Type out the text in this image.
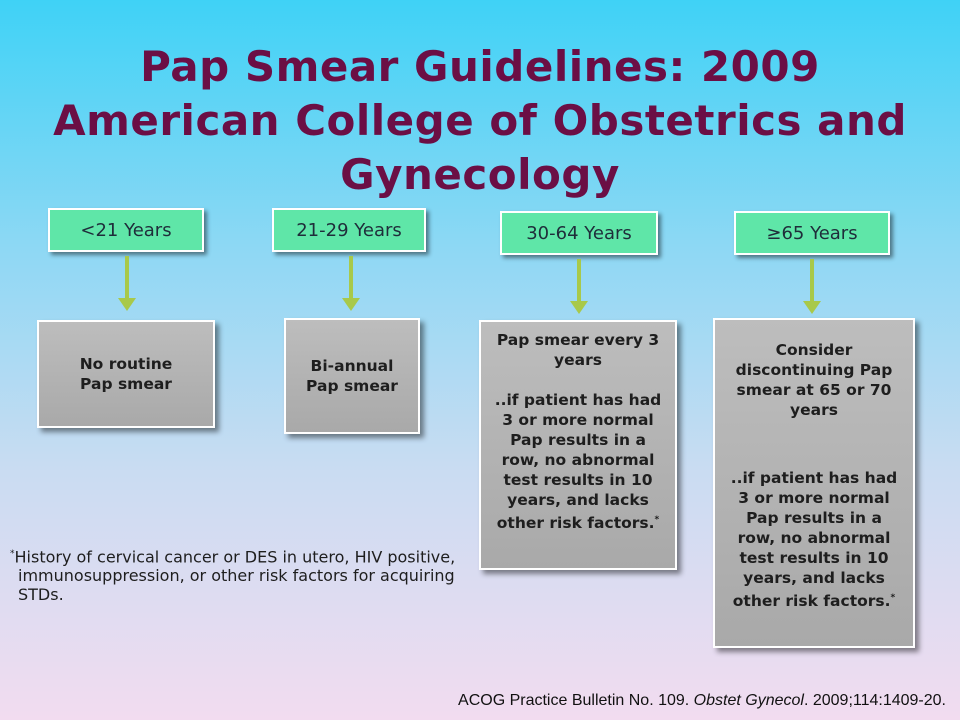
Pap Smear Guidelines: 2009 American College of Obstetrics and Gynecology
<21 Years	21-29 Years	30-64 Years	≥65 Years
No routine
Pap smear
Bi-annual
Pap smear
Pap smear every 3 years
..if patient has had 3 or more normal Pap results in a row, no abnormal test results in 10 years, and lacks other risk factors.*
Consider discontinuing Pap smear at 65 or 70 years
..if patient has had 3 or more normal Pap results in a row, no abnormal test results in 10 years, and lacks other risk factors.*
*History of cervical cancer or DES in utero, HIV positive, immunosuppression, or other risk factors for acquiring STDs.
ACOG Practice Bulletin No. 109. Obstet Gynecol. 2009;114:1409-20.
